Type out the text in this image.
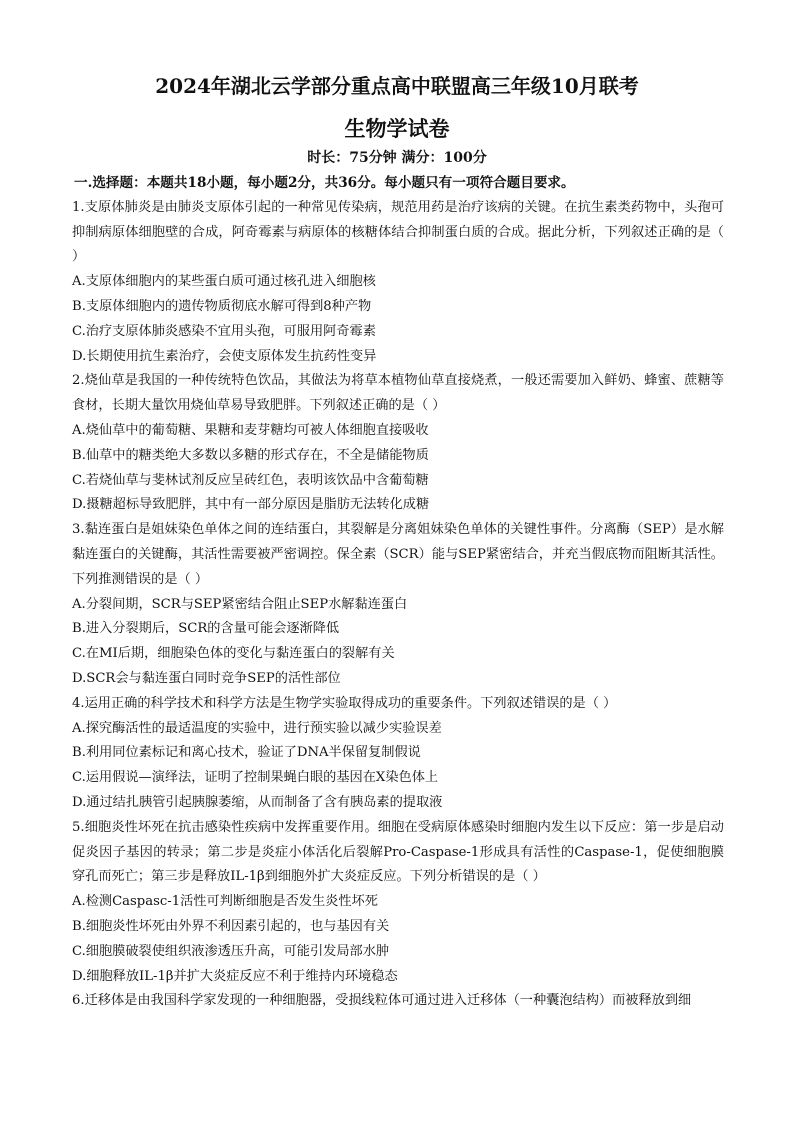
2024年湖北云学部分重点高中联盟高三年级10月联考
生物学试卷
时长：75分钟 满分：100分
一.选择题：本题共18小题，每小题2分，共36分。每小题只有一项符合题目要求。
1.支原体肺炎是由肺炎支原体引起的一种常见传染病，规范用药是治疗该病的关键。在抗生素类药物中，头孢可抑制病原体细胞壁的合成，阿奇霉素与病原体的核糖体结合抑制蛋白质的合成。据此分析，下列叙述正确的是（ ）
A.支原体细胞内的某些蛋白质可通过核孔进入细胞核
B.支原体细胞内的遗传物质彻底水解可得到8种产物
C.治疗支原体肺炎感染不宜用头孢，可服用阿奇霉素
D.长期使用抗生素治疗，会使支原体发生抗药性变异
2.烧仙草是我国的一种传统特色饮品，其做法为将草本植物仙草直接烧煮，一般还需要加入鲜奶、蜂蜜、蔗糖等食材，长期大量饮用烧仙草易导致肥胖。下列叙述正确的是（ ）
A.烧仙草中的葡萄糖、果糖和麦芽糖均可被人体细胞直接吸收
B.仙草中的糖类绝大多数以多糖的形式存在，不全是储能物质
C.若烧仙草与斐林试剂反应呈砖红色，表明该饮品中含葡萄糖
D.摄糖超标导致肥胖，其中有一部分原因是脂肪无法转化成糖
3.黏连蛋白是姐妹染色单体之间的连结蛋白，其裂解是分离姐妹染色单体的关键性事件。分离酶（SEP）是水解黏连蛋白的关键酶，其活性需要被严密调控。保全素（SCR）能与SEP紧密结合，并充当假底物而阻断其活性。下列推测错误的是（ ）
A.分裂间期，SCR与SEP紧密结合阻止SEP水解黏连蛋白
B.进入分裂期后，SCR的含量可能会逐渐降低
C.在MI后期，细胞染色体的变化与黏连蛋白的裂解有关
D.SCR会与黏连蛋白同时竞争SEP的活性部位
4.运用正确的科学技术和科学方法是生物学实验取得成功的重要条件。下列叙述错误的是（ ）
A.探究酶活性的最适温度的实验中，进行预实验以减少实验误差
B.利用同位素标记和离心技术，验证了DNA半保留复制假说
C.运用假说—演绎法，证明了控制果蝇白眼的基因在X染色体上
D.通过结扎胰管引起胰腺萎缩，从而制备了含有胰岛素的提取液
5.细胞炎性坏死在抗击感染性疾病中发挥重要作用。细胞在受病原体感染时细胞内发生以下反应：第一步是启动促炎因子基因的转录；第二步是炎症小体活化后裂解Pro-Caspase-1形成具有活性的Caspase-1，促使细胞膜穿孔而死亡；第三步是释放IL-1β到细胞外扩大炎症反应。下列分析错误的是（ ）
A.检测Caspasc-1活性可判断细胞是否发生炎性坏死
B.细胞炎性坏死由外界不利因素引起的，也与基因有关
C.细胞膜破裂使组织液渗透压升高，可能引发局部水肿
D.细胞释放IL-1β并扩大炎症反应不利于维持内环境稳态
6.迁移体是由我国科学家发现的一种细胞器，受损线粒体可通过进入迁移体（一种囊泡结构）而被释放到细
